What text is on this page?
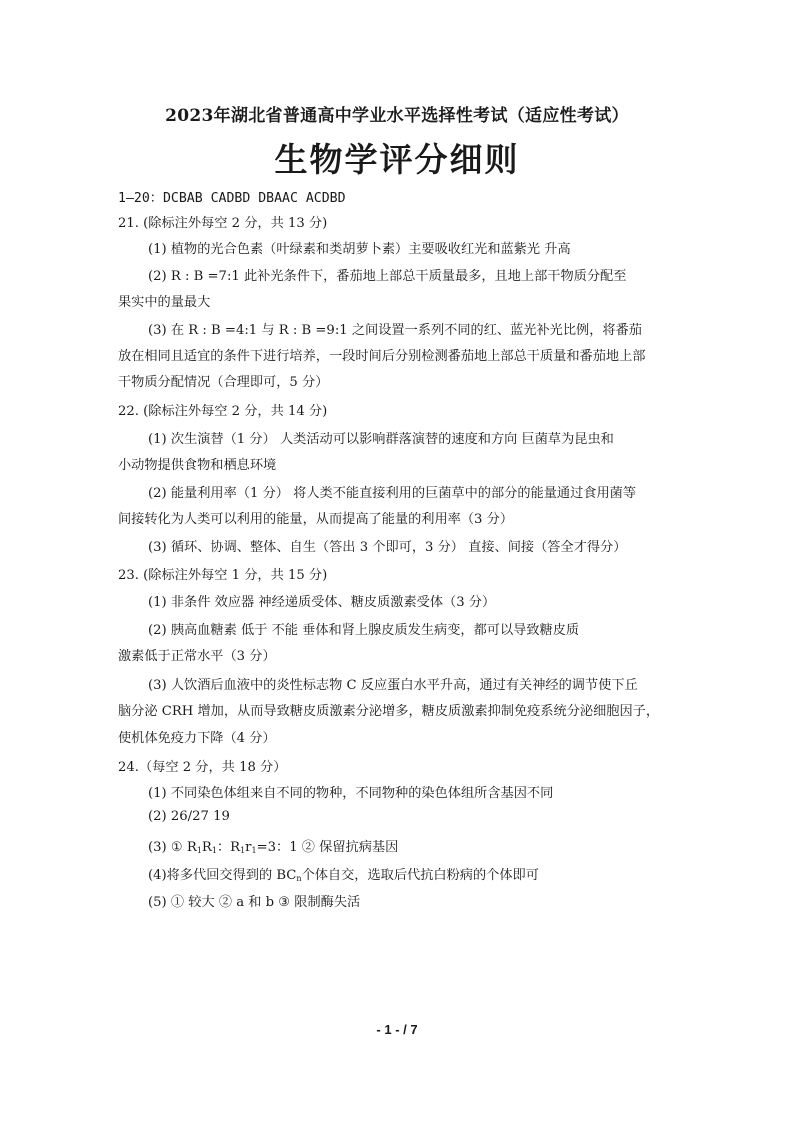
2023年湖北省普通高中学业水平选择性考试（适应性考试）
生物学评分细则
1—20：DCBAB CADBD DBAAC ACDBD
21. (除标注外每空 2 分，共 13 分)
(1) 植物的光合色素（叶绿素和类胡萝卜素）主要吸收红光和蓝紫光 升高
(2) R : B =7:1 此补光条件下，番茄地上部总干质量最多，且地上部干物质分配至
果实中的量最大
(3) 在 R : B =4:1 与 R : B =9:1 之间设置一系列不同的红、蓝光补光比例，将番茄
放在相同且适宜的条件下进行培养，一段时间后分别检测番茄地上部总干质量和番茄地上部
干物质分配情况（合理即可，5 分）
22. (除标注外每空 2 分，共 14 分)
(1) 次生演替（1 分） 人类活动可以影响群落演替的速度和方向 巨菌草为昆虫和
小动物提供食物和栖息环境
(2) 能量利用率（1 分） 将人类不能直接利用的巨菌草中的部分的能量通过食用菌等
间接转化为人类可以利用的能量，从而提高了能量的利用率（3 分）
(3) 循环、协调、整体、自生（答出 3 个即可，3 分） 直接、间接（答全才得分）
23. (除标注外每空 1 分，共 15 分)
(1) 非条件 效应器 神经递质受体、糖皮质激素受体（3 分）
(2) 胰高血糖素 低于 不能 垂体和肾上腺皮质发生病变，都可以导致糖皮质
激素低于正常水平（3 分）
(3) 人饮酒后血液中的炎性标志物 C 反应蛋白水平升高，通过有关神经的调节使下丘
脑分泌 CRH 增加，从而导致糖皮质激素分泌增多，糖皮质激素抑制免疫系统分泌细胞因子，
使机体免疫力下降（4 分）
24.（每空 2 分，共 18 分）
(1) 不同染色体组来自不同的物种，不同物种的染色体组所含基因不同
(2) 26/27 19
(3) ① $R_1R_1$：$R_1r_1=3$：1 ② 保留抗病基因
(4)将多代回交得到的 $BC_n$个体自交，选取后代抗白粉病的个体即可
(5) ① 较大 ② a 和 b ③ 限制酶失活
- 1 - / 7
